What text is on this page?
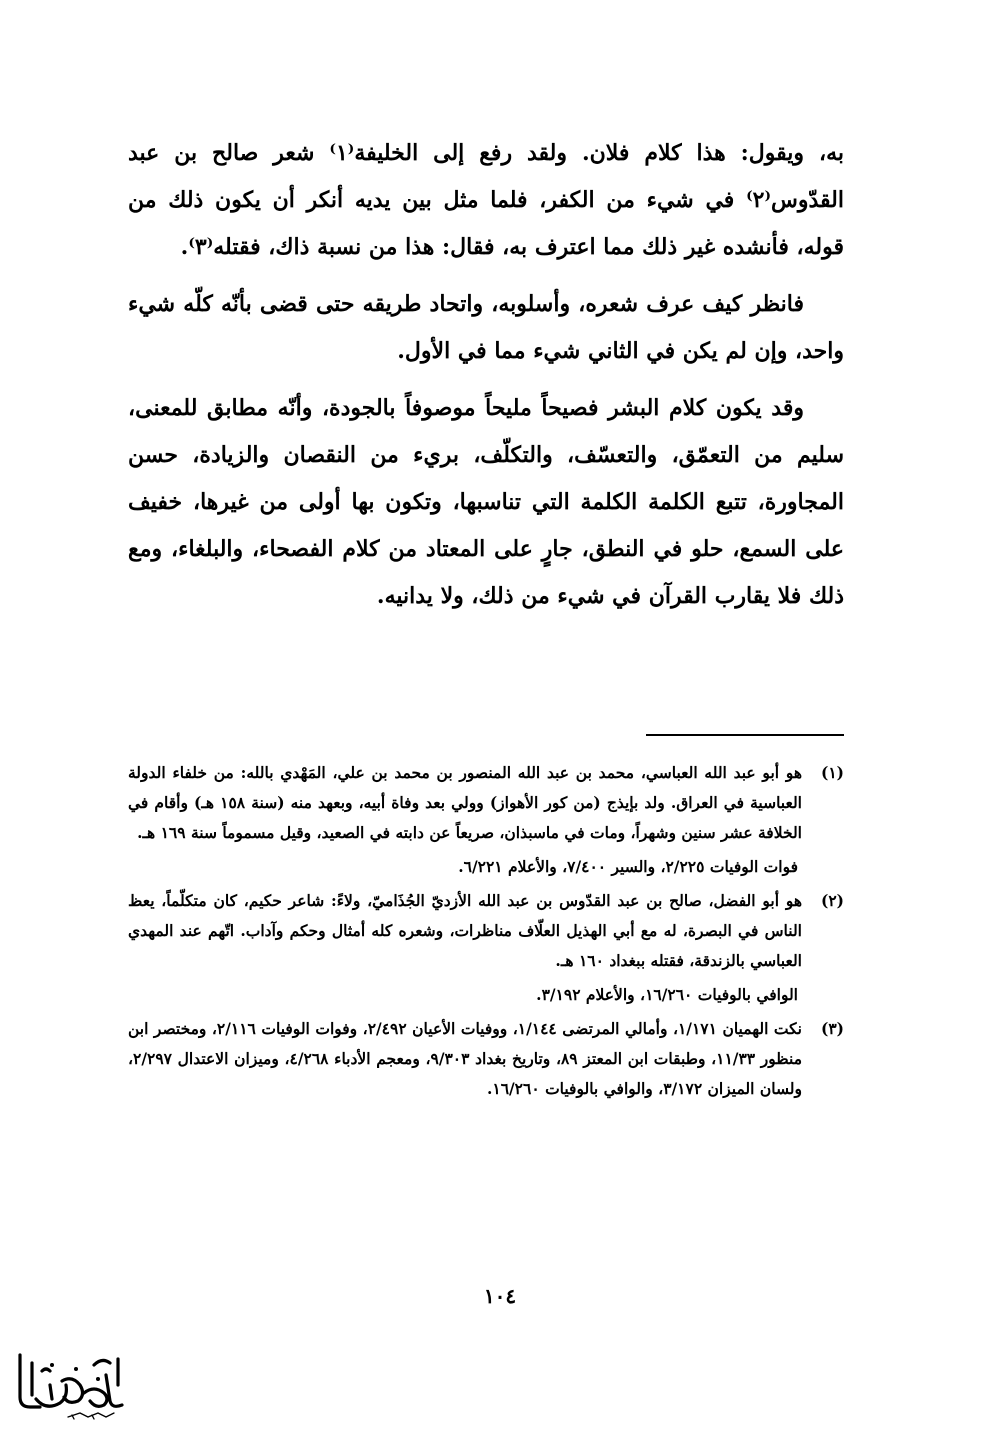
به، ويقول: هذا كلام فلان. ولقد رفع إلى الخليفة⁽١⁾ شعر صالح بن عبد القدّوس⁽٢⁾ في شيء من الكفر، فلما مثل بين يديه أنكر أن يكون ذلك من قوله، فأنشده غير ذلك مما اعترف به، فقال: هذا من نسبة ذاك، فقتله⁽٣⁾.

فانظر كيف عرف شعره، وأسلوبه، واتحاد طريقه حتى قضى بأنّه كلّه شيء واحد، وإن لم يكن في الثاني شيء مما في الأول.

وقد يكون كلام البشر فصيحاً مليحاً موصوفاً بالجودة، وأنّه مطابق للمعنى، سليم من التعمّق، والتعسّف، والتكلّف، بريء من النقصان والزيادة، حسن المجاورة، تتبع الكلمة الكلمة التي تناسبها، وتكون بها أولى من غيرها، خفيف على السمع، حلو في النطق، جارٍ على المعتاد من كلام الفصحاء، والبلغاء، ومع ذلك فلا يقارب القرآن في شيء من ذلك، ولا يدانيه.

(١)

هو أبو عبد الله العباسي، محمد بن عبد الله المنصور بن محمد بن علي، المَهْدي بالله: من خلفاء الدولة العباسية في العراق. ولد بإيذج (من كور الأهواز) وولي بعد وفاة أبيه، وبعهد منه (سنة ١٥٨ هـ) وأقام في الخلافة عشر سنين وشهراً، ومات في ماسبذان، صريعاً عن دابته في الصعيد، وقيل مسموماً سنة ١٦٩ هـ.

فوات الوفيات ٢/٢٢٥، والسير ٧/٤٠٠، والأعلام ٦/٢٢١.

(٢)

هو أبو الفضل، صالح بن عبد القدّوس بن عبد الله الأزديّ الجُذَاميّ، ولاءً: شاعر حكيم، كان متكلّماً، يعظ الناس في البصرة، له مع أبي الهذيل العلّاف مناظرات، وشعره كله أمثال وحكم وآداب. اتّهم عند المهدي العباسي بالزندقة، فقتله ببغداد ١٦٠ هـ.

الوافي بالوفيات ١٦/٢٦٠، والأعلام ٣/١٩٢.

(٣)

نكت الهميان ١/١٧١، وأمالي المرتضى ١/١٤٤، ووفيات الأعيان ٢/٤٩٢، وفوات الوفيات ٢/١١٦، ومختصر ابن منظور ١١/٣٣، وطبقات ابن المعتز ٨٩، وتاريخ بغداد ٩/٣٠٣، ومعجم الأدباء ٤/٢٦٨، وميزان الاعتدال ٢/٢٩٧، ولسان الميزان ٣/١٧٢، والوافي بالوفيات ١٦/٢٦٠.

١٠٤
